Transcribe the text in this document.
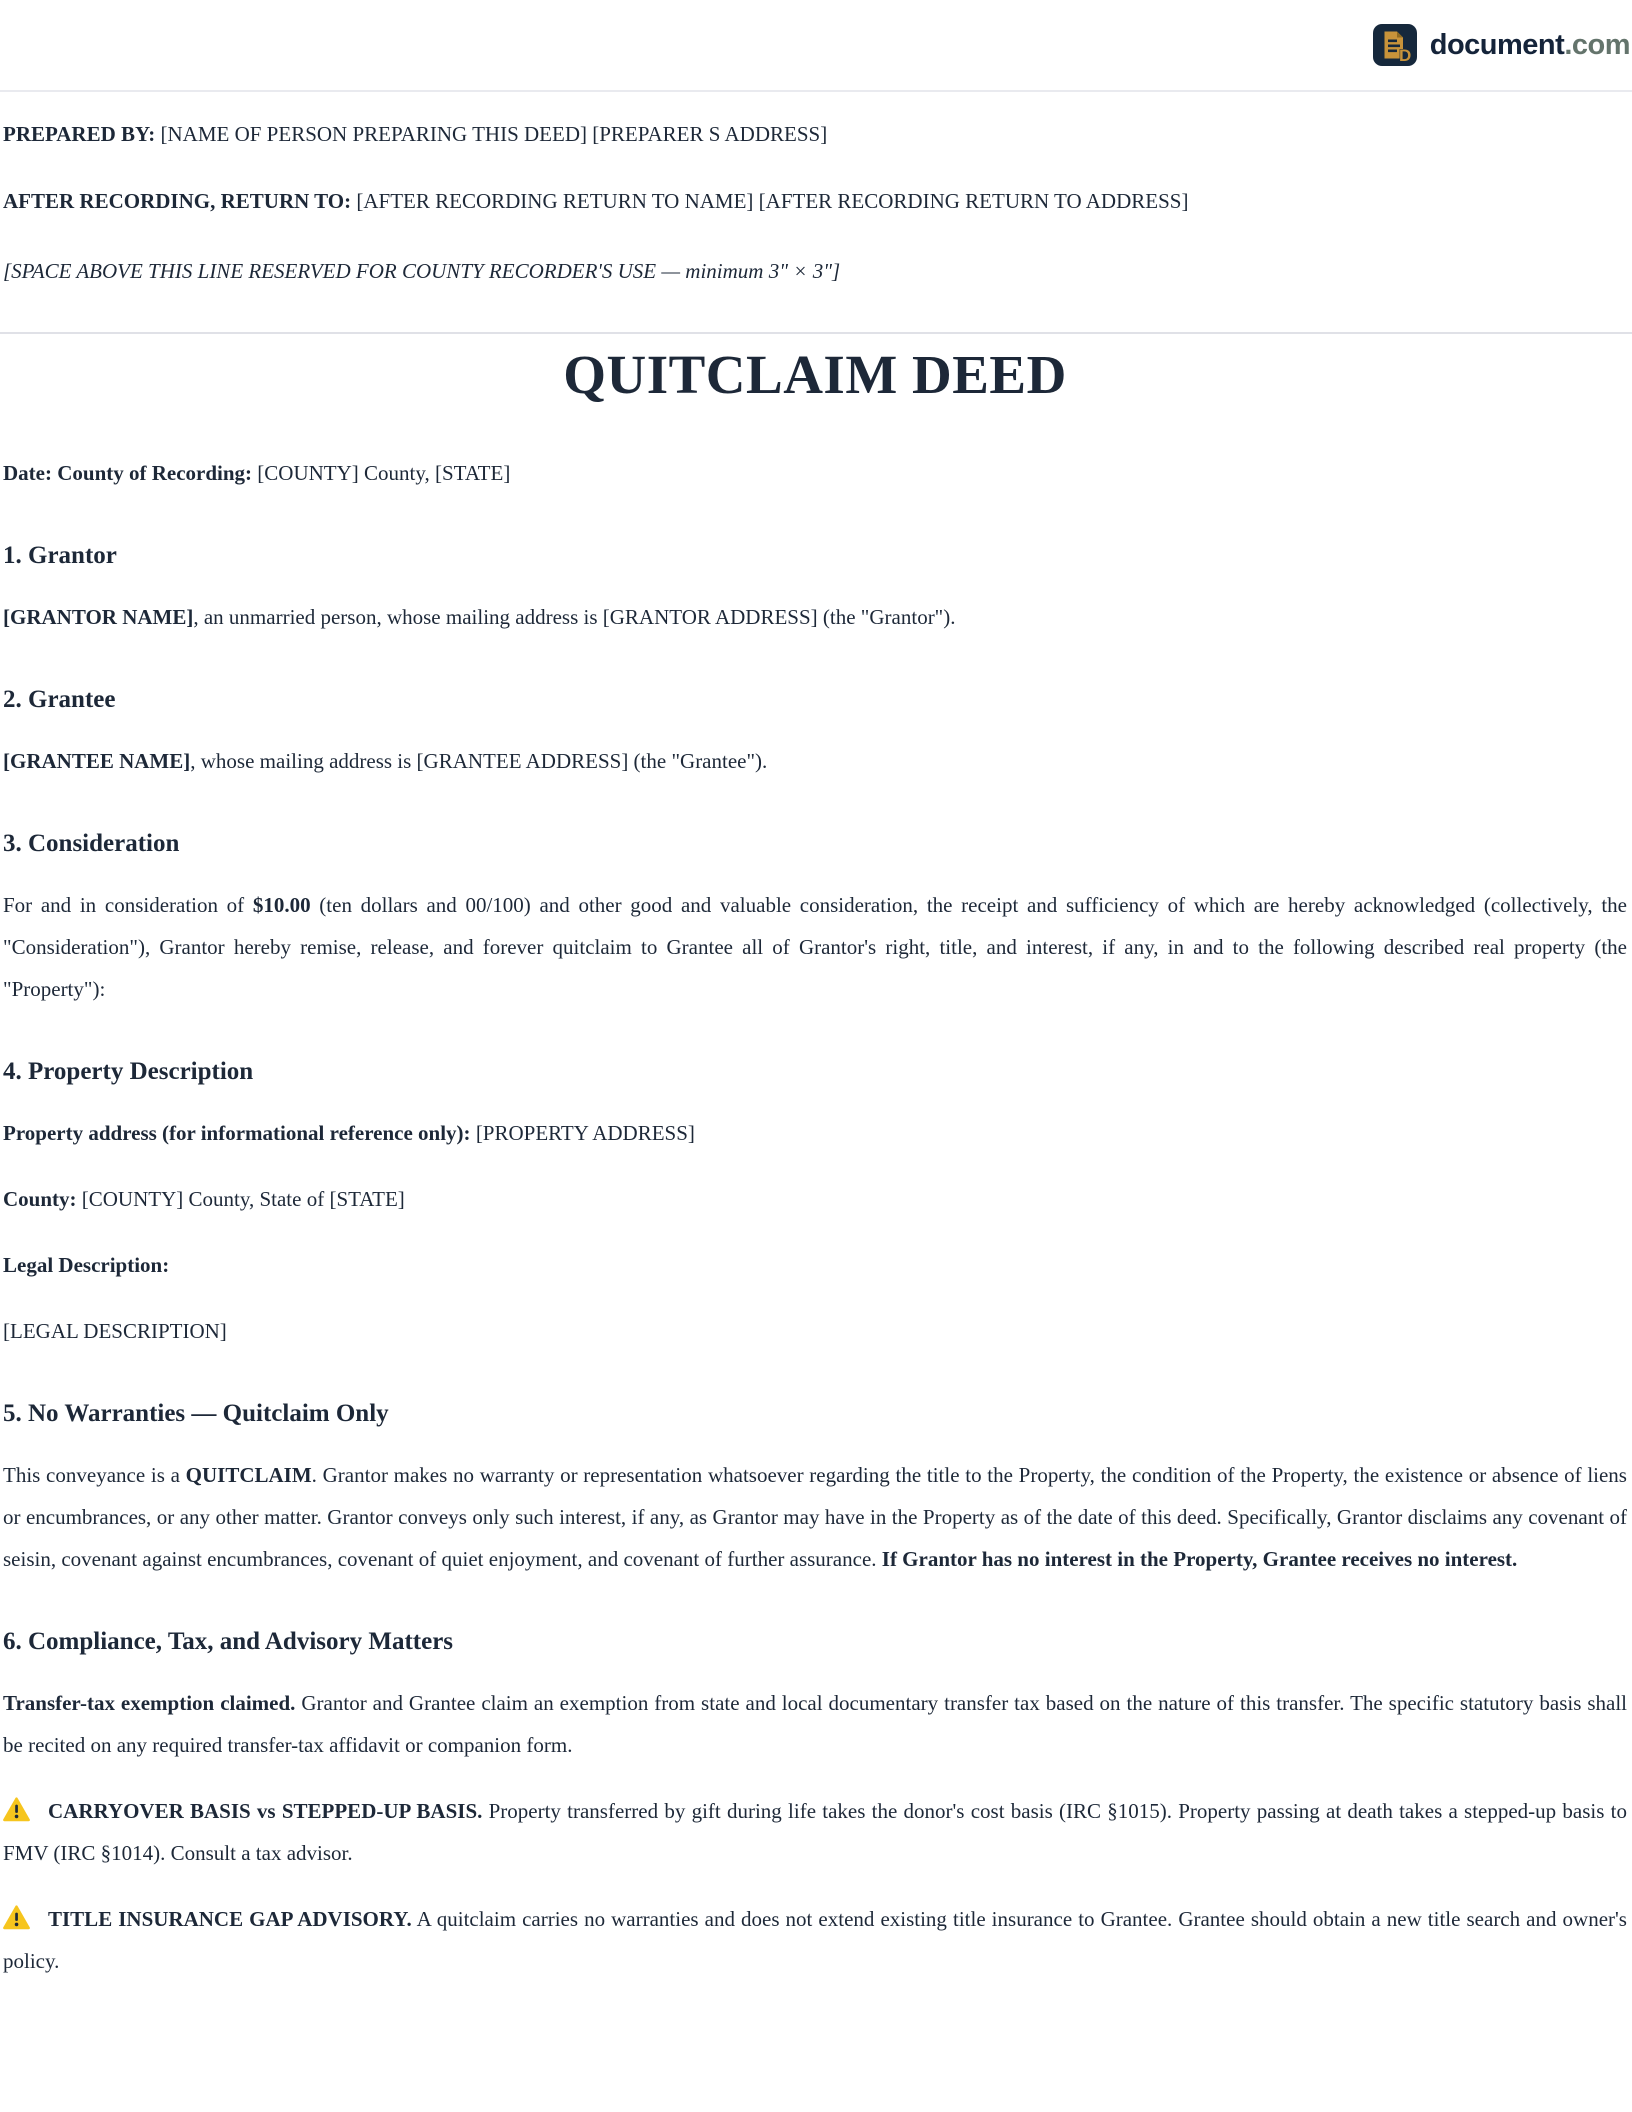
D document.com

PREPARED BY: [NAME OF PERSON PREPARING THIS DEED] [PREPARER S ADDRESS]

AFTER RECORDING, RETURN TO: [AFTER RECORDING RETURN TO NAME] [AFTER RECORDING RETURN TO ADDRESS]

[SPACE ABOVE THIS LINE RESERVED FOR COUNTY RECORDER'S USE — minimum 3" × 3"]

QUITCLAIM DEED

Date: County of Recording: [COUNTY] County, [STATE]

1. Grantor

[GRANTOR NAME], an unmarried person, whose mailing address is [GRANTOR ADDRESS] (the "Grantor").

2. Grantee

[GRANTEE NAME], whose mailing address is [GRANTEE ADDRESS] (the "Grantee").

3. Consideration

For and in consideration of $10.00 (ten dollars and 00/100) and other good and valuable consideration, the receipt and sufficiency of which are hereby acknowledged (collectively, the "Consideration"), Grantor hereby remise, release, and forever quitclaim to Grantee all of Grantor's right, title, and interest, if any, in and to the following described real property (the "Property"):

4. Property Description

Property address (for informational reference only): [PROPERTY ADDRESS]

County: [COUNTY] County, State of [STATE]

Legal Description:

[LEGAL DESCRIPTION]

5. No Warranties — Quitclaim Only

This conveyance is a QUITCLAIM. Grantor makes no warranty or representation whatsoever regarding the title to the Property, the condition of the Property, the existence or absence of liens or encumbrances, or any other matter. Grantor conveys only such interest, if any, as Grantor may have in the Property as of the date of this deed. Specifically, Grantor disclaims any covenant of seisin, covenant against encumbrances, covenant of quiet enjoyment, and covenant of further assurance. If Grantor has no interest in the Property, Grantee receives no interest.

6. Compliance, Tax, and Advisory Matters

Transfer-tax exemption claimed. Grantor and Grantee claim an exemption from state and local documentary transfer tax based on the nature of this transfer. The specific statutory basis shall be recited on any required transfer-tax affidavit or companion form.

CARRYOVER BASIS vs STEPPED-UP BASIS. Property transferred by gift during life takes the donor's cost basis (IRC §1015). Property passing at death takes a stepped-up basis to FMV (IRC §1014). Consult a tax advisor.

TITLE INSURANCE GAP ADVISORY. A quitclaim carries no warranties and does not extend existing title insurance to Grantee. Grantee should obtain a new title search and owner's policy.
